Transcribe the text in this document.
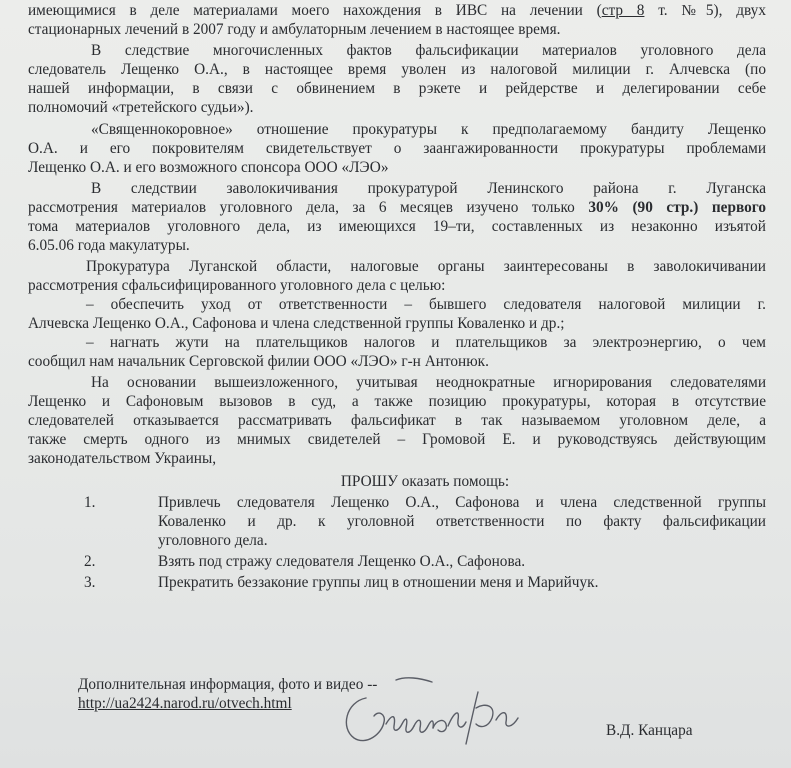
имеющимися в деле материалами моего нахождения в ИВС на лечении (стр 8 т. №5), двух
стационарных лечений в 2007 году и амбулаторным лечением в настоящее время.
В следствие многочисленных фактов фальсификации материалов уголовного дела
следователь Лещенко О.А., в настоящее время уволен из налоговой милиции г. Алчевска (по
нашей информации, в связи с обвинением в рэкете и рейдерстве и делегировании себе
полномочий «третейского судьи»).
«Священнокоровное» отношение прокуратуры к предполагаемому бандиту Лещенко
О.А. и его покровителям свидетельствует о заангажированности прокуратуры проблемами
Лещенко О.А. и его возможного спонсора ООО «ЛЭО»
В следствии заволокичивания прокуратурой Ленинского района г. Луганска
рассмотрения материалов уголовного дела, за 6 месяцев изучено только 30% (90 стр.) первого
тома материалов уголовного дела, из имеющихся 19–ти, составленных из незаконно изъятой
6.05.06 года макулатуры.
Прокуратура Луганской области, налоговые органы заинтересованы в заволокичивании
рассмотрения сфальсифицированного уголовного дела с целью:
– обеспечить уход от ответственности – бывшего следователя налоговой милиции г.
Алчевска Лещенко О.А., Сафонова и члена следственной группы Коваленко и др.;
– нагнать жути на плательщиков налогов и плательщиков за электроэнергию, о чем
сообщил нам начальник Серговской филии ООО «ЛЭО» г-н Антонюк.
На основании вышеизложенного, учитывая неоднократные игнорирования следователями
Лещенко и Сафоновым вызовов в суд, а также позицию прокуратуры, которая в отсутствие
следователей отказывается рассматривать фальсификат в так называемом уголовном деле, а
также смерть одного из мнимых свидетелей – Громовой Е. и руководствуясь действующим
законодательством Украины,
ПРОШУ оказать помощь:
1.	Привлечь следователя Лещенко О.А., Сафонова и члена следственной группы
Коваленко и др. к уголовной ответственности по факту фальсификации
уголовного дела.
2.	Взять под стражу следователя Лещенко О.А., Сафонова.
3.	Прекратить беззаконие группы лиц в отношении меня и Марийчук.
Дополнительная информация, фото и видео --
http://ua2424.narod.ru/otvech.html
В.Д. Канцара
